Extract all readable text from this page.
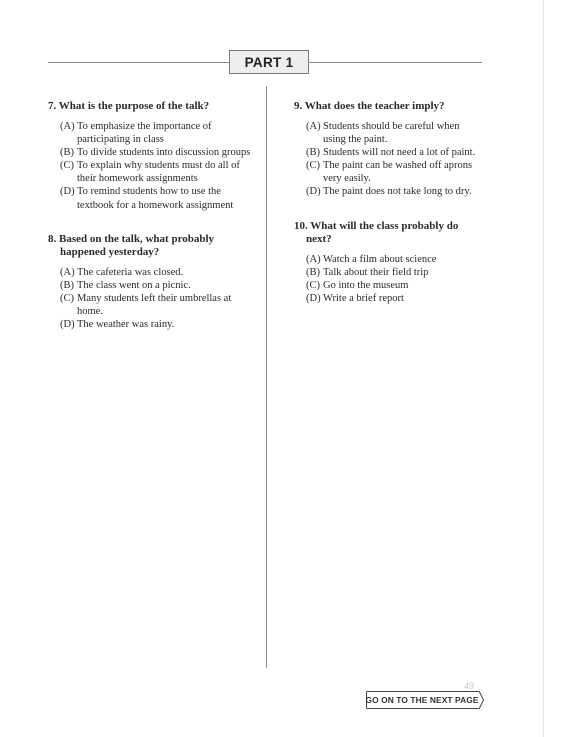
PART 1
7. What is the purpose of the talk?
(A) To emphasize the importance of participating in class
(B) To divide students into discussion groups
(C) To explain why students must do all of their homework assignments
(D) To remind students how to use the textbook for a homework assignment
8. Based on the talk, what probably happened yesterday?
(A) The cafeteria was closed.
(B) The class went on a picnic.
(C) Many students left their umbrellas at home.
(D) The weather was rainy.
9. What does the teacher imply?
(A) Students should be careful when using the paint.
(B) Students will not need a lot of paint.
(C) The paint can be washed off aprons very easily.
(D) The paint does not take long to dry.
10. What will the class probably do next?
(A) Watch a film about science
(B) Talk about their field trip
(C) Go into the museum
(D) Write a brief report
49
GO ON TO THE NEXT PAGE
